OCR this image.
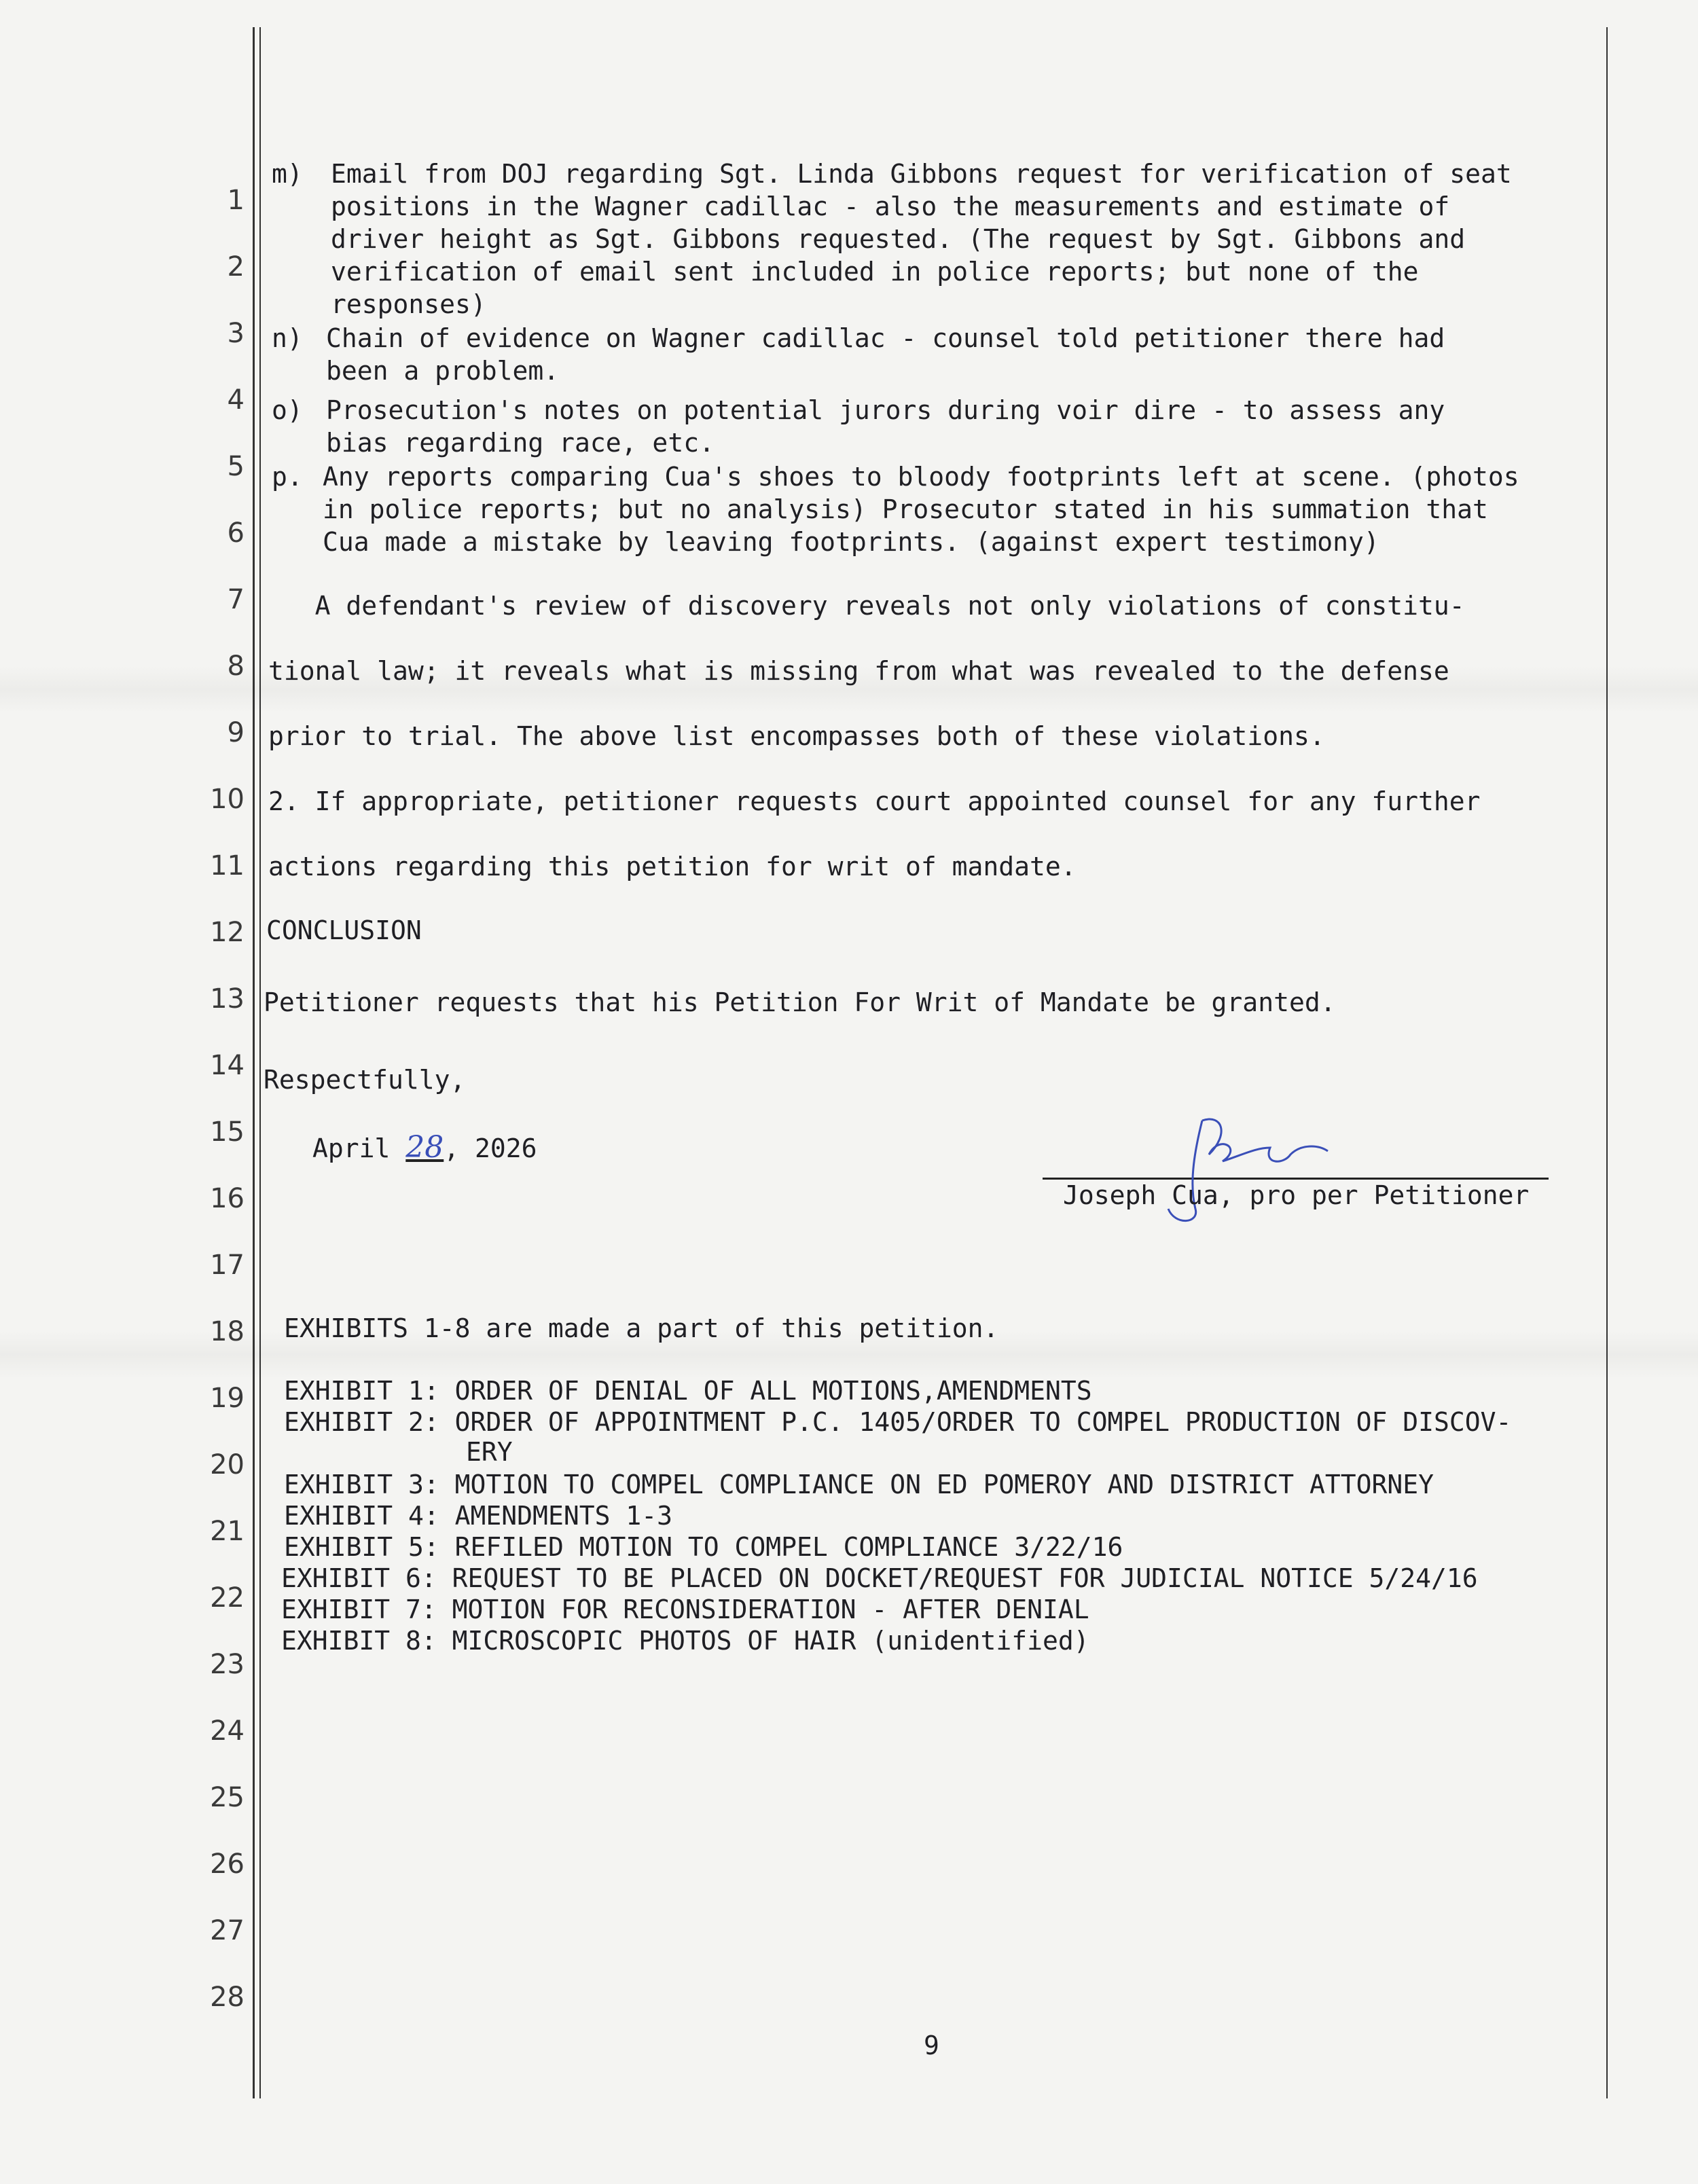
1
2
3
4
5
6
7
8
9
10
11
12
13
14
15
16
17
18
19
20
21
22
23
24
25
26
27
28
m) Email from DOJ regarding Sgt. Linda Gibbons request for verification of seat
positions in the Wagner cadillac - also the measurements and estimate of
driver height as Sgt. Gibbons requested. (The request by Sgt. Gibbons and
verification of email sent included in police reports; but none of the
responses)
n) Chain of evidence on Wagner cadillac - counsel told petitioner there had
been a problem.
o) Prosecution's notes on potential jurors during voir dire - to assess any
bias regarding race, etc.
p. Any reports comparing Cua's shoes to bloody footprints left at scene. (photos
in police reports; but no analysis) Prosecutor stated in his summation that
Cua made a mistake by leaving footprints. (against expert testimony)
A defendant's review of discovery reveals not only violations of constitu-
tional law; it reveals what is missing from what was revealed to the defense
prior to trial. The above list encompasses both of these violations.
2. If appropriate, petitioner requests court appointed counsel for any further
actions regarding this petition for writ of mandate.
CONCLUSION
Petitioner requests that his Petition For Writ of Mandate be granted.
Respectfully,
April 28, 2026
Joseph Cua, pro per Petitioner
EXHIBITS 1-8 are made a part of this petition.
EXHIBIT 1: ORDER OF DENIAL OF ALL MOTIONS,AMENDMENTS
EXHIBIT 2: ORDER OF APPOINTMENT P.C. 1405/ORDER TO COMPEL PRODUCTION OF DISCOV-
ERY
EXHIBIT 3: MOTION TO COMPEL COMPLIANCE ON ED POMEROY AND DISTRICT ATTORNEY
EXHIBIT 4: AMENDMENTS 1-3
EXHIBIT 5: REFILED MOTION TO COMPEL COMPLIANCE 3/22/16
EXHIBIT 6: REQUEST TO BE PLACED ON DOCKET/REQUEST FOR JUDICIAL NOTICE 5/24/16
EXHIBIT 7: MOTION FOR RECONSIDERATION - AFTER DENIAL
EXHIBIT 8: MICROSCOPIC PHOTOS OF HAIR (unidentified)
9
